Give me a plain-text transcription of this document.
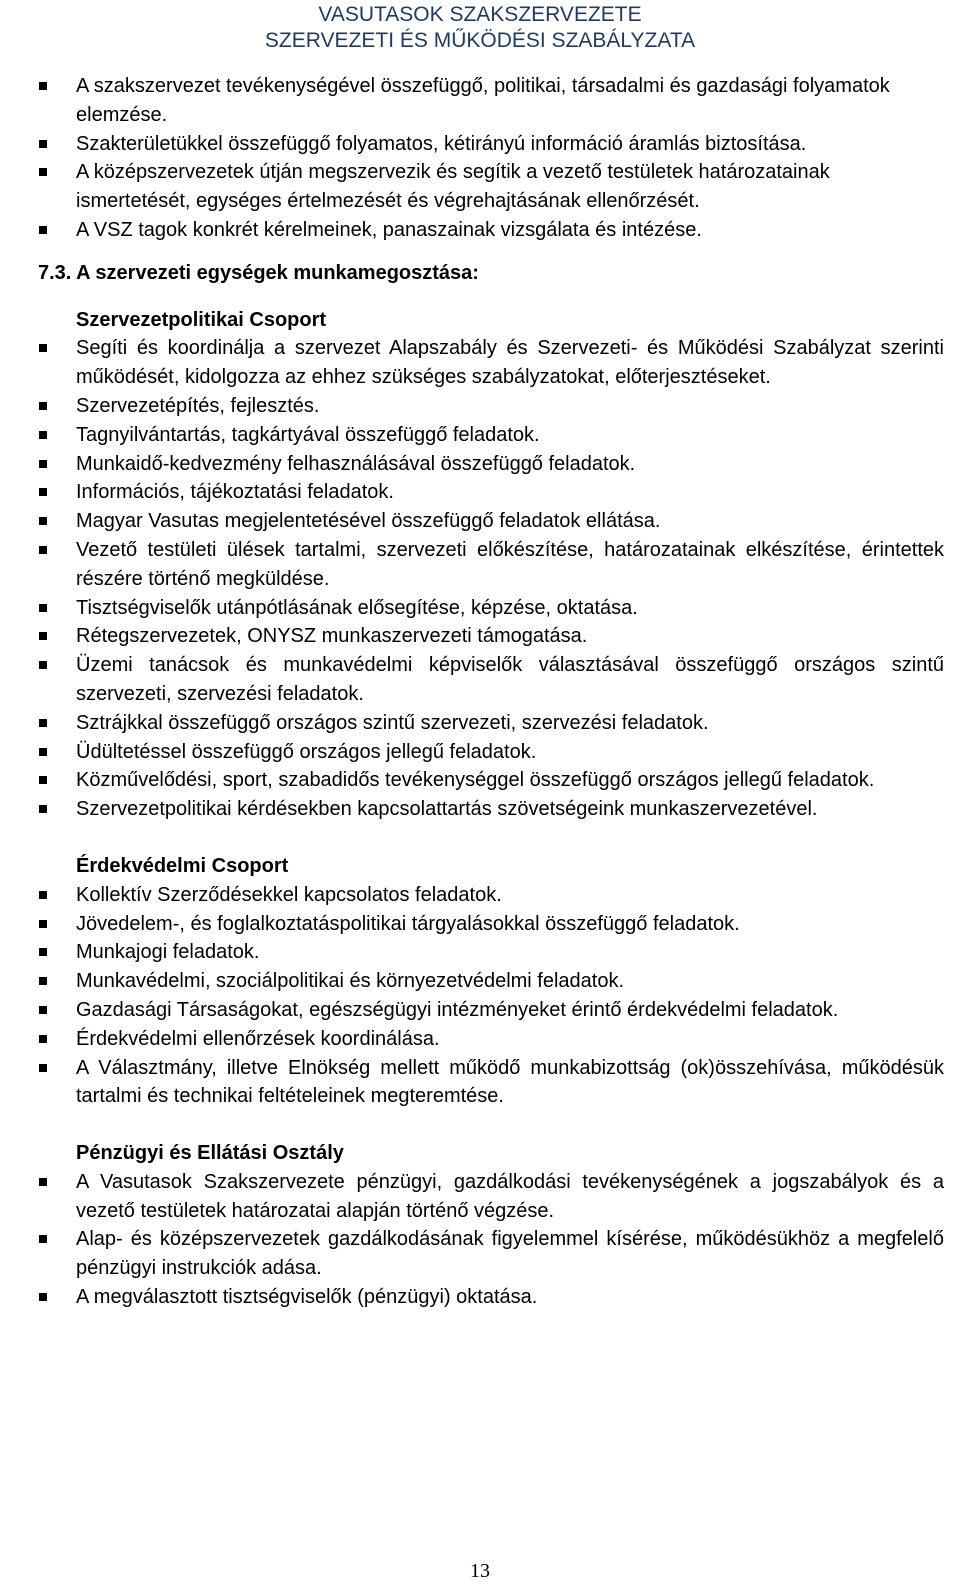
VASUTASOK SZAKSZERVEZETE
SZERVEZETI ÉS MŰKÖDÉSI SZABÁLYZATA
A szakszervezet tevékenységével összefüggő, politikai, társadalmi és gazdasági folyamatok elemzése.
Szakterületükkel összefüggő folyamatos, kétirányú információ áramlás biztosítása.
A középszervezetek útján megszervezik és segítik a vezető testületek határozatainak ismertetését, egységes értelmezését és végrehajtásának ellenőrzését.
A VSZ tagok konkrét kérelmeinek, panaszainak vizsgálata és intézése.
7.3. A szervezeti egységek munkamegosztása:
Szervezetpolitikai Csoport
Segíti és koordinálja a szervezet Alapszabály és Szervezeti- és Működési Szabályzat szerinti működését, kidolgozza az ehhez szükséges szabályzatokat, előterjesztéseket.
Szervezetépítés, fejlesztés.
Tagnyilvántartás, tagkártyával összefüggő feladatok.
Munkaidő-kedvezmény felhasználásával összefüggő feladatok.
Információs, tájékoztatási feladatok.
Magyar Vasutas megjelentetésével összefüggő feladatok ellátása.
Vezető testületi ülések tartalmi, szervezeti előkészítése, határozatainak elkészítése, érintettek részére történő megküldése.
Tisztségviselők utánpótlásának elősegítése, képzése, oktatása.
Rétegszervezetek, ONYSZ munkaszervezeti támogatása.
Üzemi tanácsok és munkavédelmi képviselők választásával összefüggő országos szintű szervezeti, szervezési feladatok.
Sztrájkkal összefüggő országos szintű szervezeti, szervezési feladatok.
Üdültetéssel összefüggő országos jellegű feladatok.
Közművelődési, sport, szabadidős tevékenységgel összefüggő országos jellegű feladatok.
Szervezetpolitikai kérdésekben kapcsolattartás szövetségeink munkaszervezetével.
Érdekvédelmi Csoport
Kollektív Szerződésekkel kapcsolatos feladatok.
Jövedelem-, és foglalkoztatáspolitikai tárgyalásokkal összefüggő feladatok.
Munkajogi feladatok.
Munkavédelmi, szociálpolitikai és környezetvédelmi feladatok.
Gazdasági Társaságokat, egészségügyi intézményeket érintő érdekvédelmi feladatok.
Érdekvédelmi ellenőrzések koordinálása.
A Választmány, illetve Elnökség mellett működő munkabizottság (ok)összehívása, működésük tartalmi és technikai feltételeinek megteremtése.
Pénzügyi és Ellátási Osztály
A Vasutasok Szakszervezete pénzügyi, gazdálkodási tevékenységének a jogszabályok és a vezető testületek határozatai alapján történő végzése.
Alap- és középszervezetek gazdálkodásának figyelemmel kísérése, működésükhöz a megfelelő pénzügyi instrukciók adása.
A megválasztott tisztségviselők (pénzügyi) oktatása.
13
